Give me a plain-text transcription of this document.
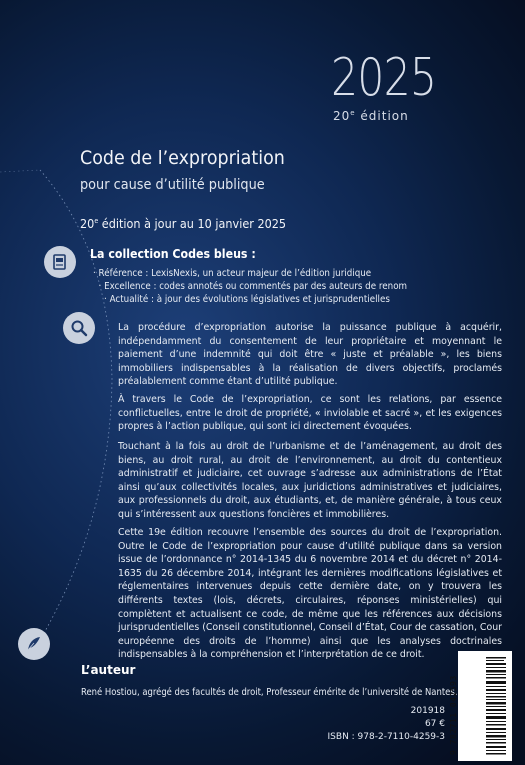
2025
20e édition
Code de l’expropriation
pour cause d’utilité publique
20e édition à jour au 10 janvier 2025
La collection Codes bleus :
· Référence : LexisNexis, un acteur majeur de l’édition juridique
· Excellence : codes annotés ou commentés par des auteurs de renom
· Actualité : à jour des évolutions législatives et jurisprudentielles
La procédure d’expropriation autorise la puissance publique à acquérir, indépendamment du consentement de leur propriétaire et moyennant le paiement d’une indemnité qui doit être « juste et préalable », les biens immobiliers indispensables à la réalisation de divers objectifs, proclamés préalablement comme étant d’utilité publique.
À travers le Code de l’expropriation, ce sont les relations, par essence conflictuelles, entre le droit de propriété, « inviolable et sacré », et les exigences propres à l’action publique, qui sont ici directement évoquées.
Touchant à la fois au droit de l’urbanisme et de l’aménagement, au droit des biens, au droit rural, au droit de l’environnement, au droit du contentieux administratif et judiciaire, cet ouvrage s’adresse aux administrations de l’État ainsi qu’aux collectivités locales, aux juridictions administratives et judiciaires, aux professionnels du droit, aux étudiants, et, de manière générale, à tous ceux qui s’intéressent aux questions foncières et immobilières.
Cette 19e édition recouvre l’ensemble des sources du droit de l’expropriation. Outre le Code de l’expropriation pour cause d’utilité publique dans sa version issue de l’ordonnance n° 2014-1345 du 6 novembre 2014 et du décret n° 2014-1635 du 26 décembre 2014, intégrant les dernières modifications législatives et réglementaires intervenues depuis cette dernière date, on y trouvera les différents textes (lois, décrets, circulaires, réponses ministérielles) qui complètent et actualisent ce code, de même que les références aux décisions jurisprudentielles (Conseil constitutionnel, Conseil d’État, Cour de cassation, Cour européenne des droits de l’homme) ainsi que les analyses doctrinales indispensables à la compréhension et l’interprétation de ce droit.
L’auteur
René Hostiou, agrégé des facultés de droit, Professeur émérite de l’université de Nantes.
201918
67 €
ISBN : 978-2-7110-4259-3 9 782711 042593
